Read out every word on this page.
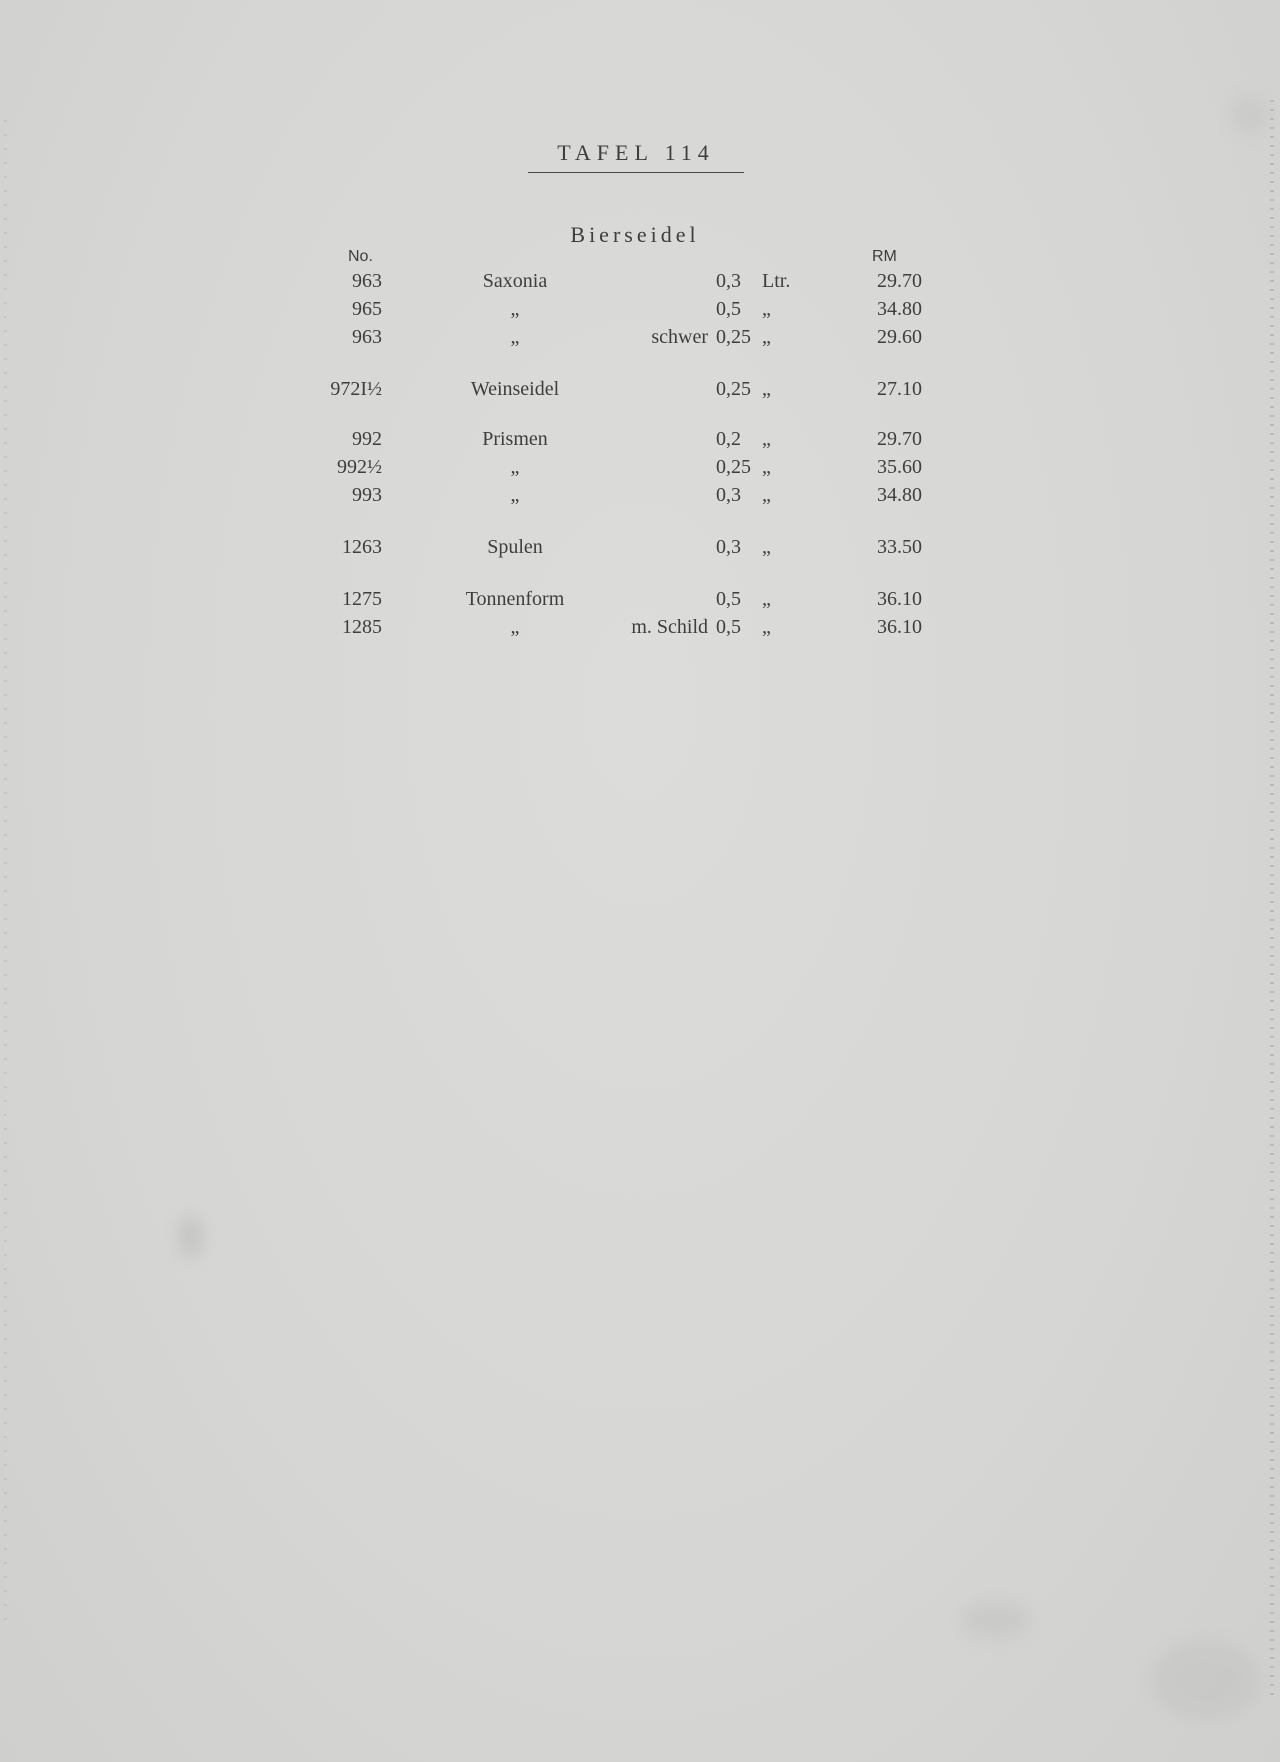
TAFEL 114
Bierseidel
No.	RM
963	Saxonia	0,3 Ltr.	29.70
965	„	0,5 „	34.80
963	„	schwer 0,25 „	29.60
972I½	Weinseidel	0,25 „	27.10
992	Prismen	0,2 „	29.70
992½	„	0,25 „	35.60
993	„	0,3 „	34.80
1263	Spulen	0,3 „	33.50
1275	Tonnenform	0,5 „	36.10
1285	„	m. Schild 0,5 „	36.10
